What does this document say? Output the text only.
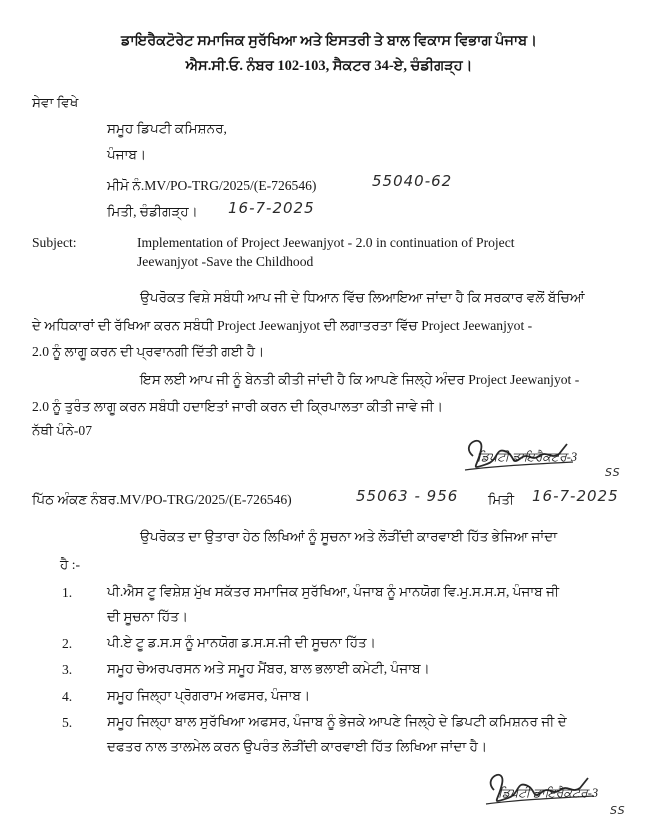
ਡਾਇਰੈਕਟੋਰੇਟ ਸਮਾਜਿਕ ਸੁਰੱਖਿਆ ਅਤੇ ਇਸਤਰੀ ਤੇ ਬਾਲ ਵਿਕਾਸ ਵਿਭਾਗ ਪੰਜਾਬ।
ਐਸ.ਸੀ.ਓ. ਨੰਬਰ 102-103, ਸੈਕਟਰ 34-ਏ, ਚੰਡੀਗੜ੍ਹ।
ਸੇਵਾ ਵਿਖੇ
ਸਮੂਹ ਡਿਪਟੀ ਕਮਿਸ਼ਨਰ,
ਪੰਜਾਬ।
ਮੀਮੋ ਨੰ.MV/PO-TRG/2025/(E-726546)	55040-62
ਮਿਤੀ, ਚੰਡੀਗੜ੍ਹ। 16-7-2025
Subject:	Implementation of Project Jeewanjyot - 2.0 in continuation of Project
Jeewanjyot -Save the Childhood
ਉਪਰੋਕਤ ਵਿਸ਼ੇ ਸਬੰਧੀ ਆਪ ਜੀ ਦੇ ਧਿਆਨ ਵਿੱਚ ਲਿਆਇਆ ਜਾਂਦਾ ਹੈ ਕਿ ਸਰਕਾਰ ਵਲੋਂ ਬੱਚਿਆਂ
ਦੇ ਅਧਿਕਾਰਾਂ ਦੀ ਰੱਖਿਆ ਕਰਨ ਸਬੰਧੀ Project Jeewanjyot ਦੀ ਲਗਾਤਰਤਾ ਵਿੱਚ Project Jeewanjyot -
2.0 ਨੂੰ ਲਾਗੂ ਕਰਨ ਦੀ ਪ੍ਰਵਾਨਗੀ ਦਿੱਤੀ ਗਈ ਹੈ।
ਇਸ ਲਈ ਆਪ ਜੀ ਨੂੰ ਬੇਨਤੀ ਕੀਤੀ ਜਾਂਦੀ ਹੈ ਕਿ ਆਪਣੇ ਜਿਲ੍ਹੇ ਅੰਦਰ Project Jeewanjyot -
2.0 ਨੂੰ ਤੁਰੰਤ ਲਾਗੂ ਕਰਨ ਸਬੰਧੀ ਹਦਾਇਤਾਂ ਜਾਰੀ ਕਰਨ ਦੀ ਕ੍ਰਿਪਾਲਤਾ ਕੀਤੀ ਜਾਵੇ ਜੀ।
ਨੱਥੀ ਪੰਨੇ-07
ਡਿਪਟੀ ਡਾਇਰੈਕਟਰ-3
SS
ਪਿੱਠ ਅੰਕਣ ਨੰਬਰ.MV/PO-TRG/2025/(E-726546)	55063 - 956 ਮਿਤੀ 16-7-2025
ਉਪਰੋਕਤ ਦਾ ਉਤਾਰਾ ਹੇਠ ਲਿਖਿਆਂ ਨੂੰ ਸੂਚਨਾ ਅਤੇ ਲੋੜੀਂਦੀ ਕਾਰਵਾਈ ਹਿੱਤ ਭੇਜਿਆ ਜਾਂਦਾ
ਹੈ :-
1.	ਪੀ.ਐਸ ਟੂ ਵਿਸ਼ੇਸ਼ ਮੁੱਖ ਸਕੱਤਰ ਸਮਾਜਿਕ ਸੁਰੱਖਿਆ, ਪੰਜਾਬ ਨੂੰ ਮਾਨਯੋਗ ਵਿ.ਮੁ.ਸ.ਸ.ਸ, ਪੰਜਾਬ ਜੀ
ਦੀ ਸੂਚਨਾ ਹਿੱਤ।
2.	ਪੀ.ਏ ਟੂ ਡ.ਸ.ਸ ਨੂੰ ਮਾਨਯੋਗ ਡ.ਸ.ਸ.ਜੀ ਦੀ ਸੂਚਨਾ ਹਿੱਤ।
3.	ਸਮੂਹ ਚੇਅਰਪਰਸਨ ਅਤੇ ਸਮੂਹ ਮੈਂਬਰ, ਬਾਲ ਭਲਾਈ ਕਮੇਟੀ, ਪੰਜਾਬ।
4.	ਸਮੂਹ ਜਿਲ੍ਹਾ ਪ੍ਰੋਗਰਾਮ ਅਫਸਰ, ਪੰਜਾਬ।
5.	ਸਮੂਹ ਜਿਲ੍ਹਾ ਬਾਲ ਸੁਰੱਖਿਆ ਅਫਸਰ, ਪੰਜਾਬ ਨੂੰ ਭੇਜਕੇ ਆਪਣੇ ਜਿਲ੍ਹੇ ਦੇ ਡਿਪਟੀ ਕਮਿਸ਼ਨਰ ਜੀ ਦੇ
ਦਫਤਰ ਨਾਲ ਤਾਲਮੇਲ ਕਰਨ ਉਪਰੰਤ ਲੋੜੀਂਦੀ ਕਾਰਵਾਈ ਹਿੱਤ ਲਿਖਿਆ ਜਾਂਦਾ ਹੈ।
ਡਿਪਟੀ ਡਾਇਰੈਕਟਰ-3
SS
